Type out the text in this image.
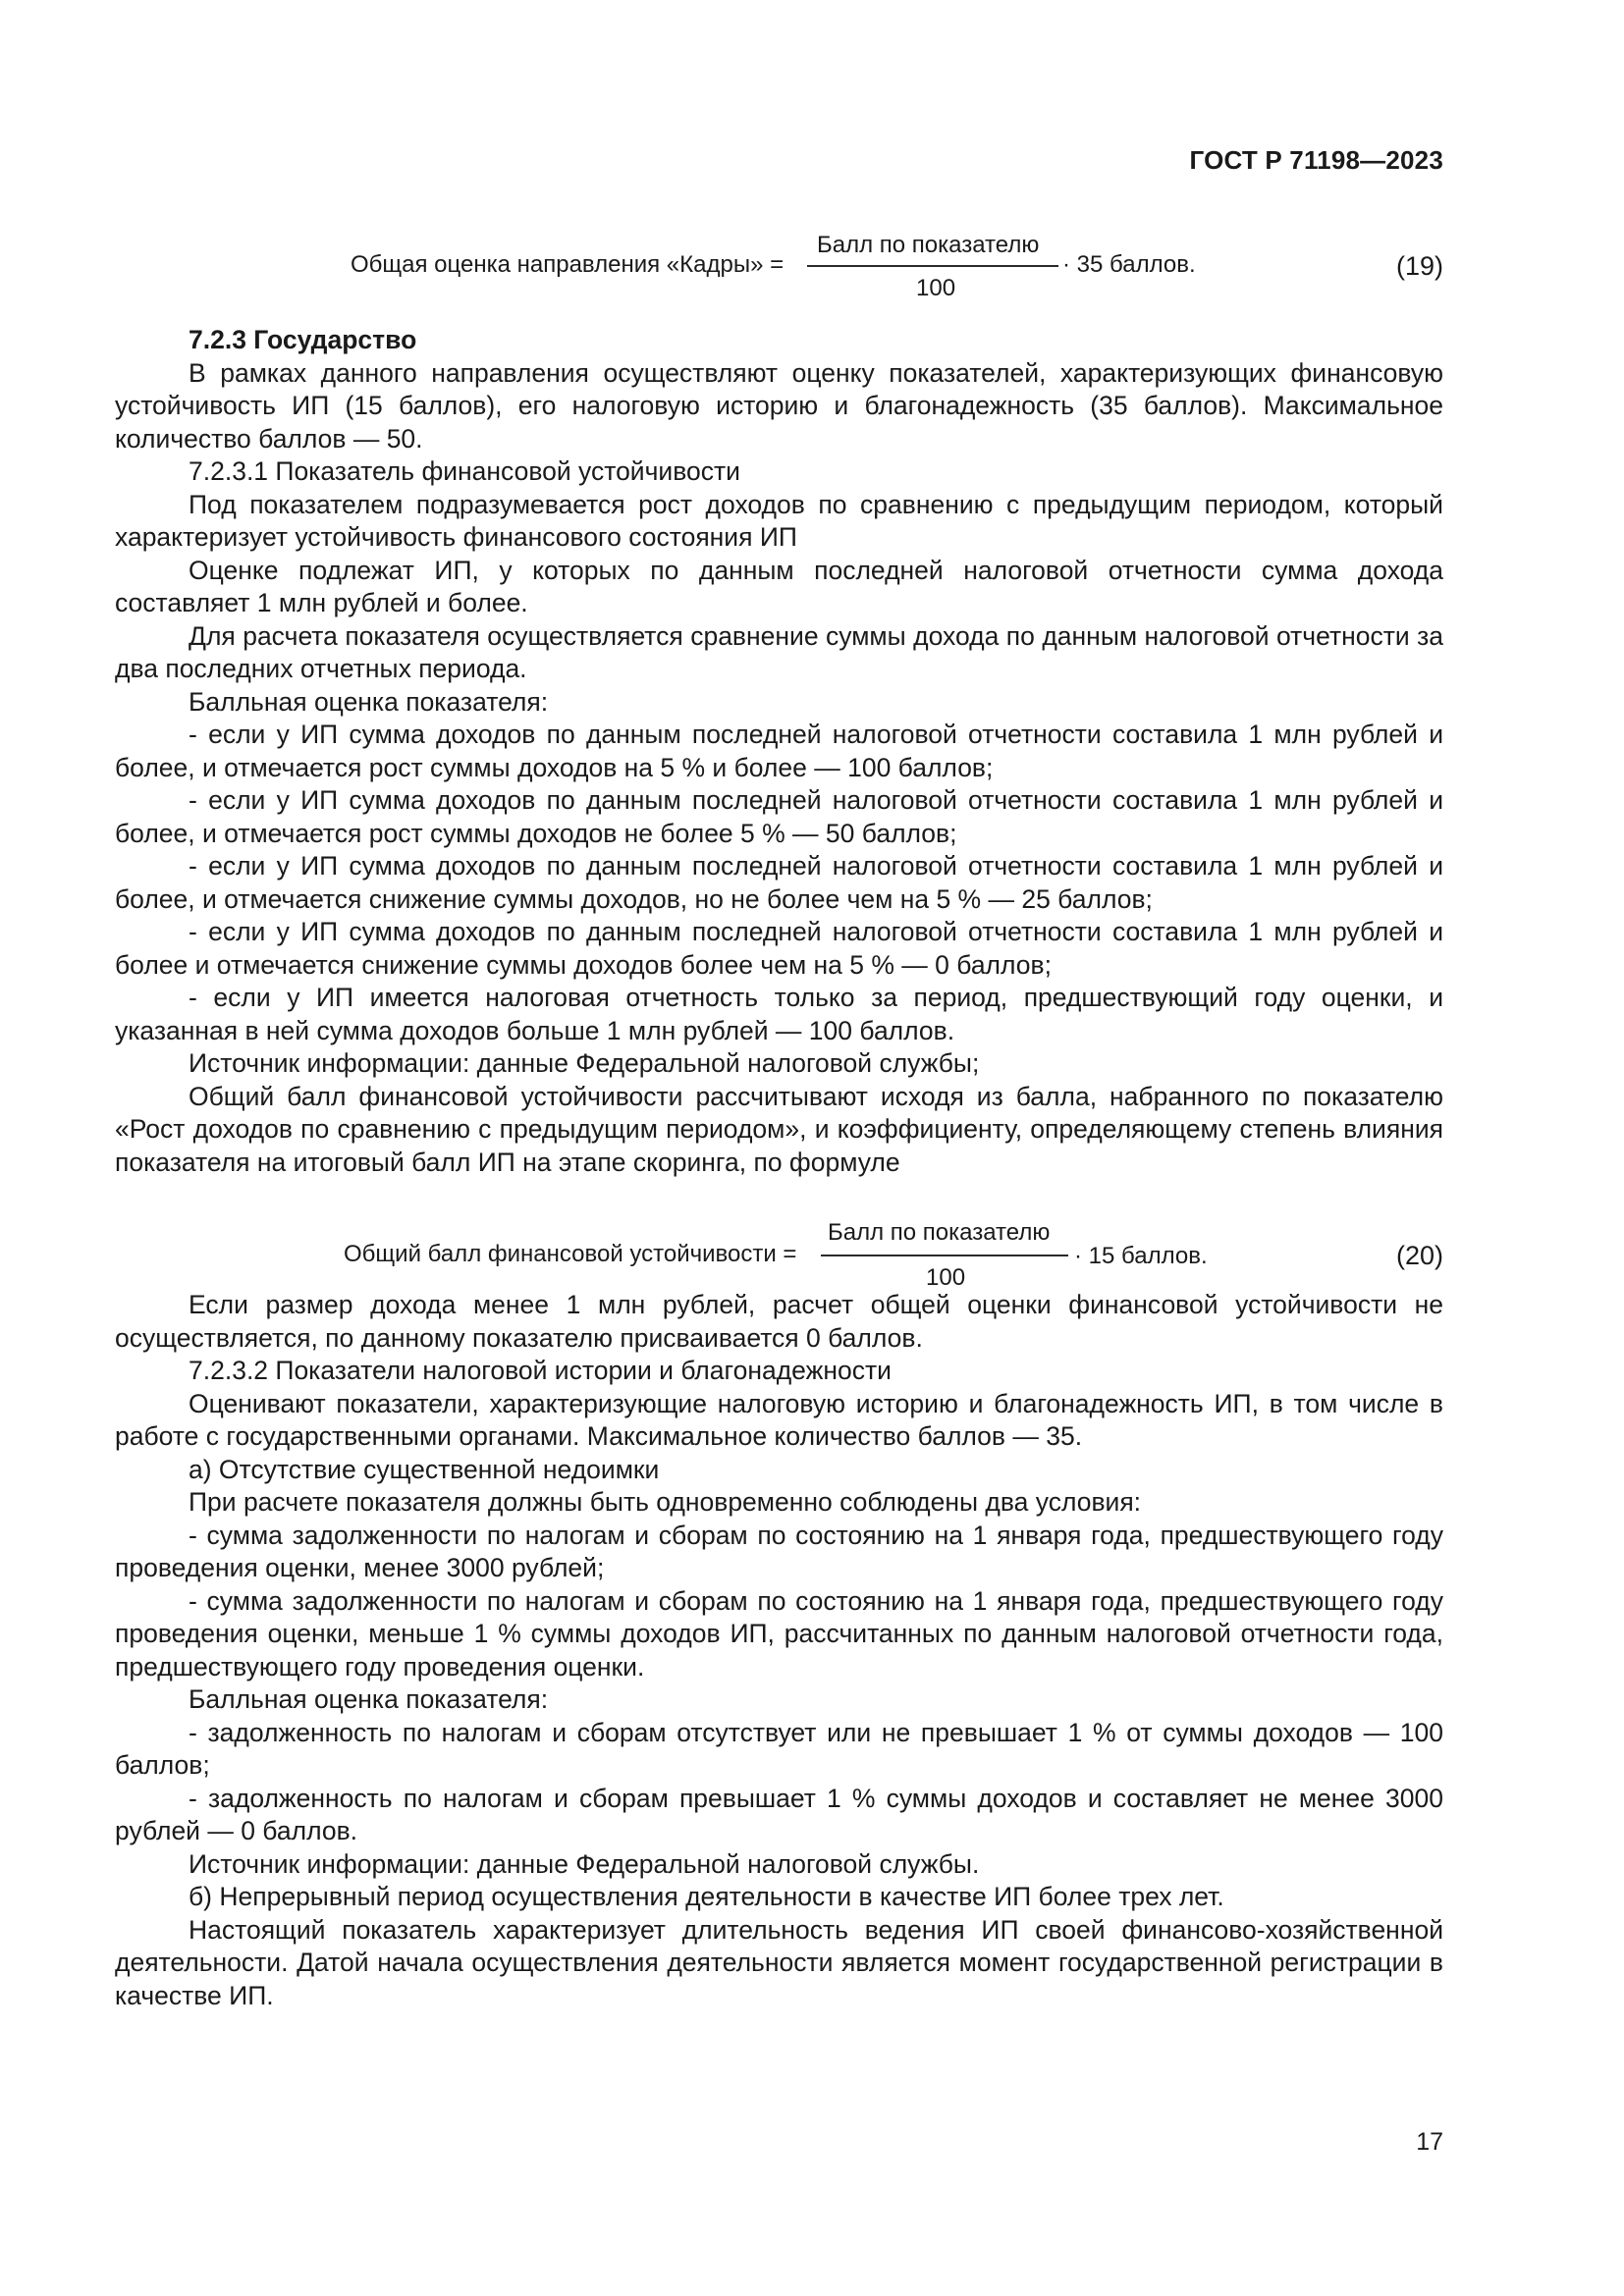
ГОСТ Р 71198—2023
Общая оценка направления «Кадры» =
Балл по показателю
100
· 35 баллов.	(19)

7.2.3 Государство

В рамках данного направления осуществляют оценку показателей, характеризующих финансовую устойчивость ИП (15 баллов), его налоговую историю и благонадежность (35 баллов). Максимальное количество баллов — 50.

7.2.3.1 Показатель финансовой устойчивости

Под показателем подразумевается рост доходов по сравнению с предыдущим периодом, который характеризует устойчивость финансового состояния ИП

Оценке подлежат ИП, у которых по данным последней налоговой отчетности сумма дохода составляет 1 млн рублей и более.

Для расчета показателя осуществляется сравнение суммы дохода по данным налоговой отчетности за два последних отчетных периода.

Балльная оценка показателя:

- если у ИП сумма доходов по данным последней налоговой отчетности составила 1 млн рублей и более, и отмечается рост суммы доходов на 5 % и более — 100 баллов;

- если у ИП сумма доходов по данным последней налоговой отчетности составила 1 млн рублей и более, и отмечается рост суммы доходов не более 5 % — 50 баллов;

- если у ИП сумма доходов по данным последней налоговой отчетности составила 1 млн рублей и более, и отмечается снижение суммы доходов, но не более чем на 5 % — 25 баллов;

- если у ИП сумма доходов по данным последней налоговой отчетности составила 1 млн рублей и более и отмечается снижение суммы доходов более чем на 5 % — 0 баллов;

- если у ИП имеется налоговая отчетность только за период, предшествующий году оценки, и указанная в ней сумма доходов больше 1 млн рублей — 100 баллов.

Источник информации: данные Федеральной налоговой службы;

Общий балл финансовой устойчивости рассчитывают исходя из балла, набранного по показателю «Рост доходов по сравнению с предыдущим периодом», и коэффициенту, определяющему степень влияния показателя на итоговый балл ИП на этапе скоринга, по формуле

Если размер дохода менее 1 млн рублей, расчет общей оценки финансовой устойчивости не осуществляется, по данному показателю присваивается 0 баллов.

7.2.3.2 Показатели налоговой истории и благонадежности

Оценивают показатели, характеризующие налоговую историю и благонадежность ИП, в том числе в работе с государственными органами. Максимальное количество баллов — 35.

а) Отсутствие существенной недоимки

При расчете показателя должны быть одновременно соблюдены два условия:

- сумма задолженности по налогам и сборам по состоянию на 1 января года, предшествующего году проведения оценки, менее 3000 рублей;

- сумма задолженности по налогам и сборам по состоянию на 1 января года, предшествующего году проведения оценки, меньше 1 % суммы доходов ИП, рассчитанных по данным налоговой отчетности года, предшествующего году проведения оценки.

Балльная оценка показателя:

- задолженность по налогам и сборам отсутствует или не превышает 1 % от суммы доходов — 100 баллов;

- задолженность по налогам и сборам превышает 1 % суммы доходов и составляет не менее 3000 рублей — 0 баллов.

Источник информации: данные Федеральной налоговой службы.

б) Непрерывный период осуществления деятельности в качестве ИП более трех лет.

Настоящий показатель характеризует длительность ведения ИП своей финансово-хозяйственной деятельности. Датой начала осуществления деятельности является момент государственной регистрации в качестве ИП.

Общий балл финансовой устойчивости =
Балл по показателю
100
· 15 баллов.	(20)
17
